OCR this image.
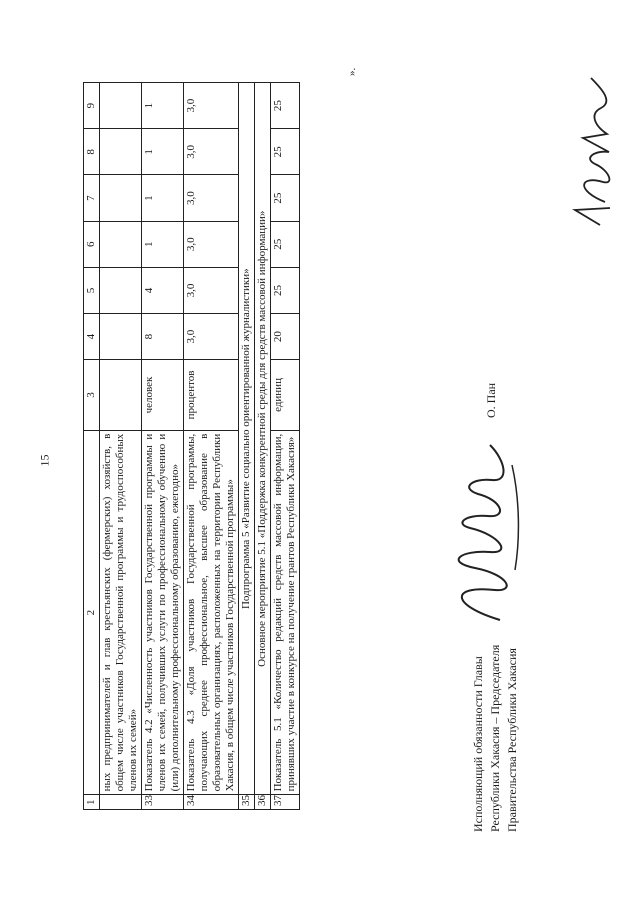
15
1	2	3	4	5	6	7	8	9
	ных предпринимателей и глав крестьянских (фермерских) хозяйств, в общем числе участников Государственной программы и трудоспособных членов их семей»							
33	Показатель 4.2 «Численность участников Государственной программы и членов их семей, получивших услуги по профессиональному обучению и (или) дополнительному профессиональному образованию, ежегодно»	человек	8	4	1	1	1	1
34	Показатель 4.3 «Доля участников Государственной программы, получающих среднее профессиональное, высшее образование в образовательных организациях, расположенных на территории Республики Хакасия, в общем числе участников Государственной программы»	процентов	3,0	3,0	3,0	3,0	3,0	3,0
35	Подпрограмма 5 «Развитие социально ориентированной журналистики»							
36	Основное мероприятие 5.1 «Поддержка конкурентной среды для средств массовой информации»							
37	Показатель 5.1 «Количество редакций средств массовой информации, принявших участие в конкурсе на получение грантов Республики Хакасия»	единиц	20	25	25	25	25	25
».
Исполняющий обязанности Главы Республики Хакасия – Председателя Правительства Республики Хакасия
О. Пан
